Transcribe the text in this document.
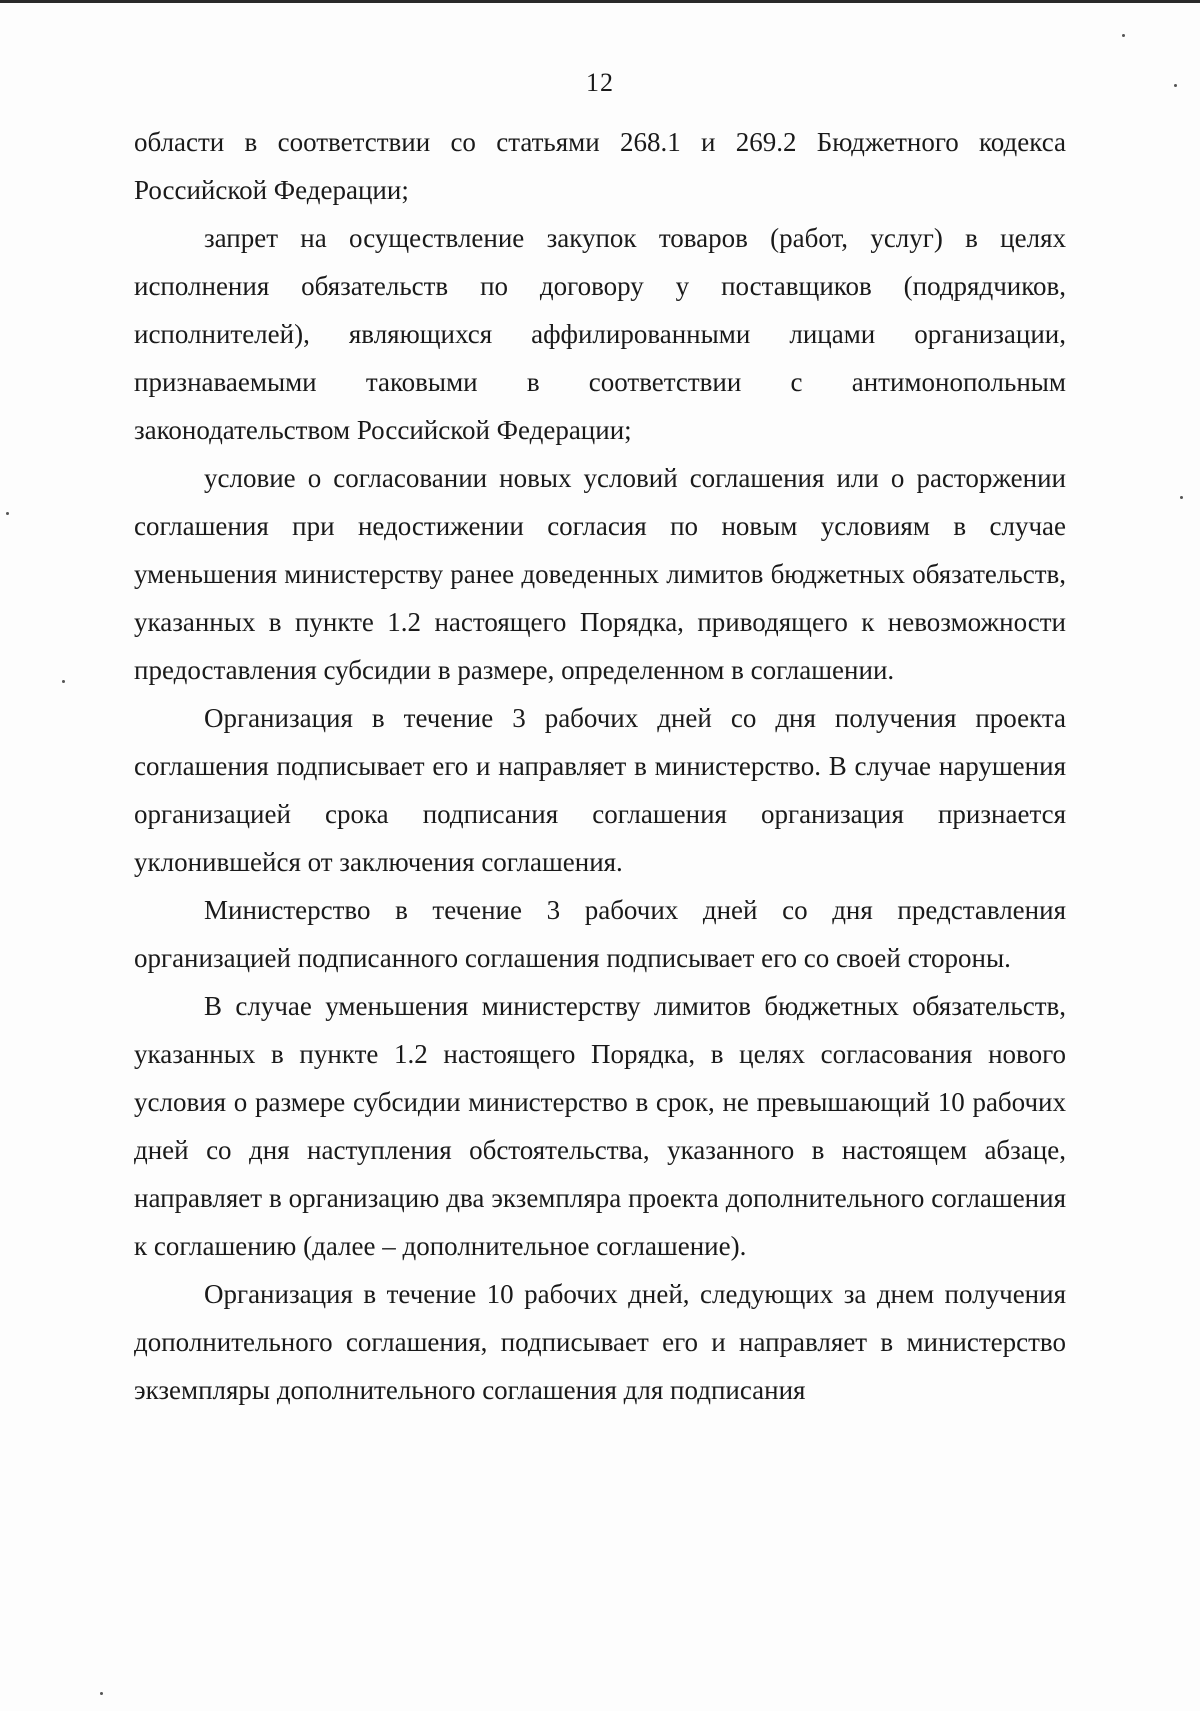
12

области в соответствии со статьями 268.1 и 269.2 Бюджетного кодекса Российской Федерации;

запрет на осуществление закупок товаров (работ, услуг) в целях исполнения обязательств по договору у поставщиков (подрядчиков, исполнителей), являющихся аффилированными лицами организации, признаваемыми таковыми в соответствии с антимонопольным законодательством Российской Федерации;

условие о согласовании новых условий соглашения или о расторжении соглашения при недостижении согласия по новым условиям в случае уменьшения министерству ранее доведенных лимитов бюджетных обязательств, указанных в пункте 1.2 настоящего Порядка, приводящего к невозможности предоставления субсидии в размере, определенном в соглашении.

Организация в течение 3 рабочих дней со дня получения проекта соглашения подписывает его и направляет в министерство. В случае нарушения организацией срока подписания соглашения организация признается уклонившейся от заключения соглашения.

Министерство в течение 3 рабочих дней со дня представления организацией подписанного соглашения подписывает его со своей стороны.

В случае уменьшения министерству лимитов бюджетных обязательств, указанных в пункте 1.2 настоящего Порядка, в целях согласования нового условия о размере субсидии министерство в срок, не превышающий 10 рабочих дней со дня наступления обстоятельства, указанного в настоящем абзаце, направляет в организацию два экземпляра проекта дополнительного соглашения к соглашению (далее – дополнительное соглашение).

Организация в течение 10 рабочих дней, следующих за днем получения дополнительного соглашения, подписывает его и направляет в министерство экземпляры дополнительного соглашения для подписания
